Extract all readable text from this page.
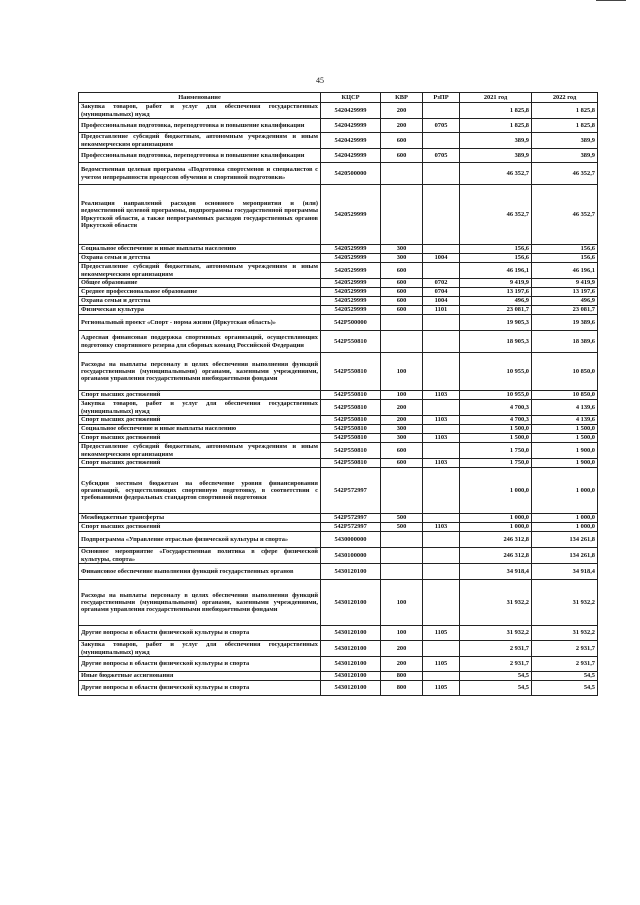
45
Наименование	КЦСР	КВР	РзПР	2021 год	2022 год
Закупка товаров, работ и услуг для обеспечения государственных (муниципальных) нужд	5420429999	200		1 825,8	1 825,8
Профессиональная подготовка, переподготовка и повышение квалификации	5420429999	200	0705	1 825,8	1 825,8
Предоставление субсидий бюджетным, автономным учреждениям и иным некоммерческим организациям	5420429999	600		389,9	389,9
Профессиональная подготовка, переподготовка и повышение квалификации	5420429999	600	0705	389,9	389,9
Ведомственная целевая программа «Подготовка спортсменов и специалистов с учетом непрерывности процессов обучения и спортивной подготовки»	5420500000			46 352,7	46 352,7
Реализация направлений расходов основного мероприятия и (или) ведомственной целевой программы, подпрограммы государственной программы Иркутской области, а также непрограммных расходов государственных органов Иркутской области	5420529999			46 352,7	46 352,7
Социальное обеспечение и иные выплаты населению	5420529999	300		156,6	156,6
Охрана семьи и детства	5420529999	300	1004	156,6	156,6
Предоставление субсидий бюджетным, автономным учреждениям и иным некоммерческим организациям	5420529999	600		46 196,1	46 196,1
Общее образование	5420529999	600	0702	9 419,9	9 419,9
Среднее профессиональное образование	5420529999	600	0704	13 197,6	13 197,6
Охрана семьи и детства	5420529999	600	1004	496,9	496,9
Физическая культура	5420529999	600	1101	23 081,7	23 081,7
Региональный проект «Спорт - норма жизни (Иркутская область)»	542P500000			19 905,3	19 389,6
Адресная финансовая поддержка спортивных организаций, осуществляющих подготовку спортивного резерва для сборных команд Российской Федерации	542P550810			18 905,3	18 389,6
Расходы на выплаты персоналу в целях обеспечения выполнения функций государственными (муниципальными) органами, казенными учреждениями, органами управления государственными внебюджетными фондами	542P550810	100		10 955,0	10 850,0
Спорт высших достижений	542P550810	100	1103	10 955,0	10 850,0
Закупка товаров, работ и услуг для обеспечения государственных (муниципальных) нужд	542P550810	200		4 700,3	4 139,6
Спорт высших достижений	542P550810	200	1103	4 700,3	4 139,6
Социальное обеспечение и иные выплаты населению	542P550810	300		1 500,0	1 500,0
Спорт высших достижений	542P550810	300	1103	1 500,0	1 500,0
Предоставление субсидий бюджетным, автономным учреждениям и иным некоммерческим организациям	542P550810	600		1 750,0	1 900,0
Спорт высших достижений	542P550810	600	1103	1 750,0	1 900,0
Субсидии местным бюджетам на обеспечение уровня финансирования организаций, осуществляющих спортивную подготовку, в соответствии с требованиями федеральных стандартов спортивной подготовки	542P572997			1 000,0	1 000,0
Межбюджетные трансферты	542P572997	500		1 000,0	1 000,0
Спорт высших достижений	542P572997	500	1103	1 000,0	1 000,0
Подпрограмма «Управление отраслью физической культуры и спорта»	5430000000			246 312,8	134 261,8
Основное мероприятие «Государственная политика в сфере физической культуры, спорта»	5430100000			246 312,8	134 261,8
Финансовое обеспечение выполнения функций государственных органов	5430120100			34 918,4	34 918,4
Расходы на выплаты персоналу в целях обеспечения выполнения функций государственными (муниципальными) органами, казенными учреждениями, органами управления государственными внебюджетными фондами	5430120100	100		31 932,2	31 932,2
Другие вопросы в области физической культуры и спорта	5430120100	100	1105	31 932,2	31 932,2
Закупка товаров, работ и услуг для обеспечения государственных (муниципальных) нужд	5430120100	200		2 931,7	2 931,7
Другие вопросы в области физической культуры и спорта	5430120100	200	1105	2 931,7	2 931,7
Иные бюджетные ассигнования	5430120100	800		54,5	54,5
Другие вопросы в области физической культуры и спорта	5430120100	800	1105	54,5	54,5
